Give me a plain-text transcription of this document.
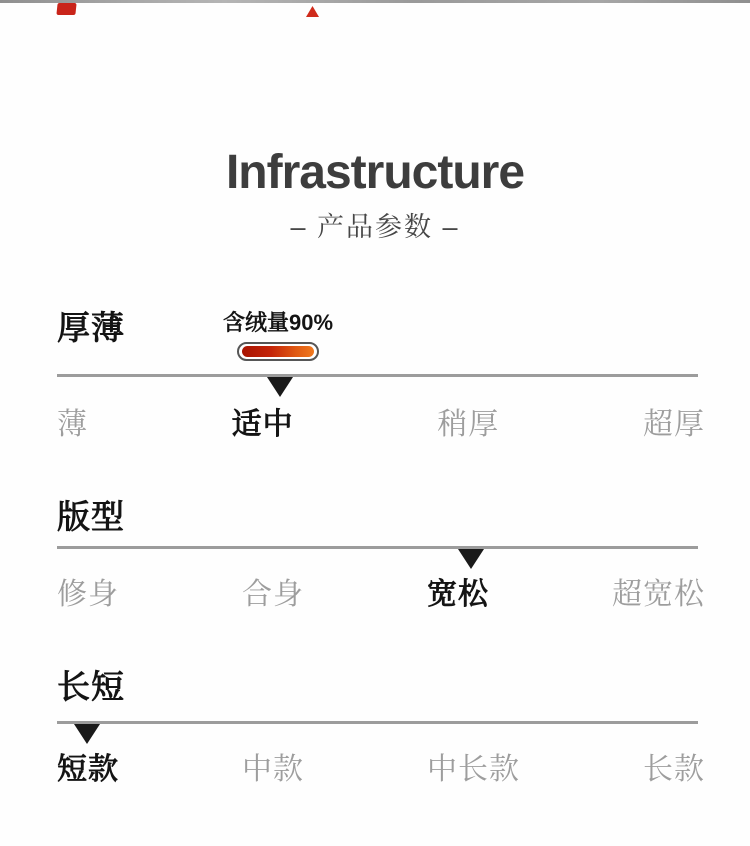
Infrastructure
– 产品参数 –
厚薄	含绒量90%
薄	适中	稍厚	超厚
版型
修身	合身	宽松	超宽松
长短
短款	中款	中长款	长款
